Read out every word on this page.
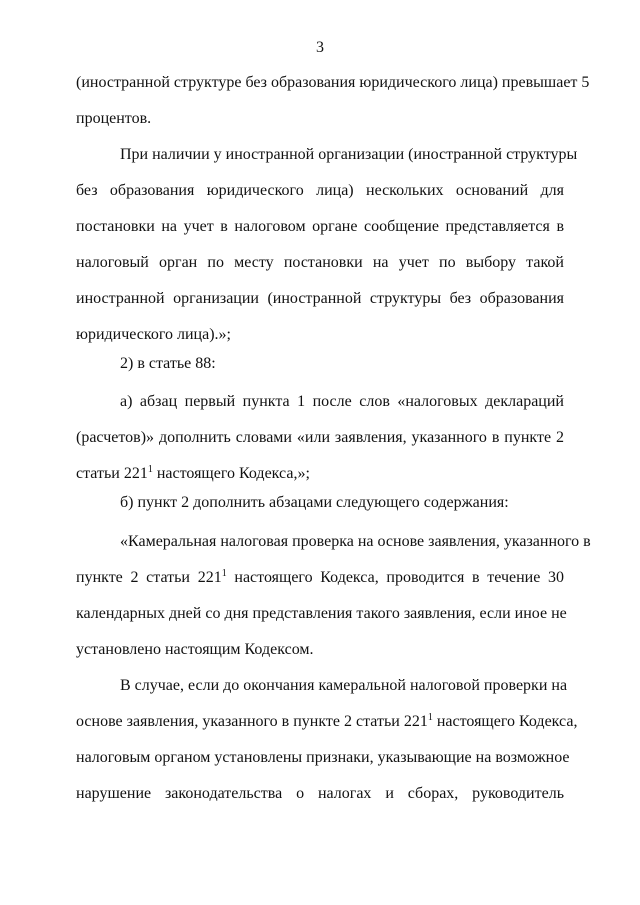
3
(иностранной структуре без образования юридического лица) превышает 5
процентов.
При наличии у иностранной организации (иностранной структуры
без образования юридического лица) нескольких оснований для
постановки на учет в налоговом органе сообщение представляется в
налоговый орган по месту постановки на учет по выбору такой
иностранной организации (иностранной структуры без образования
юридического лица).»;
2) в статье 88:
а) абзац первый пункта 1 после слов «налоговых деклараций
(расчетов)» дополнить словами «или заявления, указанного в пункте 2
статьи $221^1$ настоящего Кодекса,»;
б) пункт 2 дополнить абзацами следующего содержания:
«Камеральная налоговая проверка на основе заявления, указанного в
пункте 2 статьи $221^1$ настоящего Кодекса, проводится в течение 30
календарных дней со дня представления такого заявления, если иное не
установлено настоящим Кодексом.
В случае, если до окончания камеральной налоговой проверки на
основе заявления, указанного в пункте 2 статьи $221^1$ настоящего Кодекса,
налоговым органом установлены признаки, указывающие на возможное
нарушение законодательства о налогах и сборах, руководитель
